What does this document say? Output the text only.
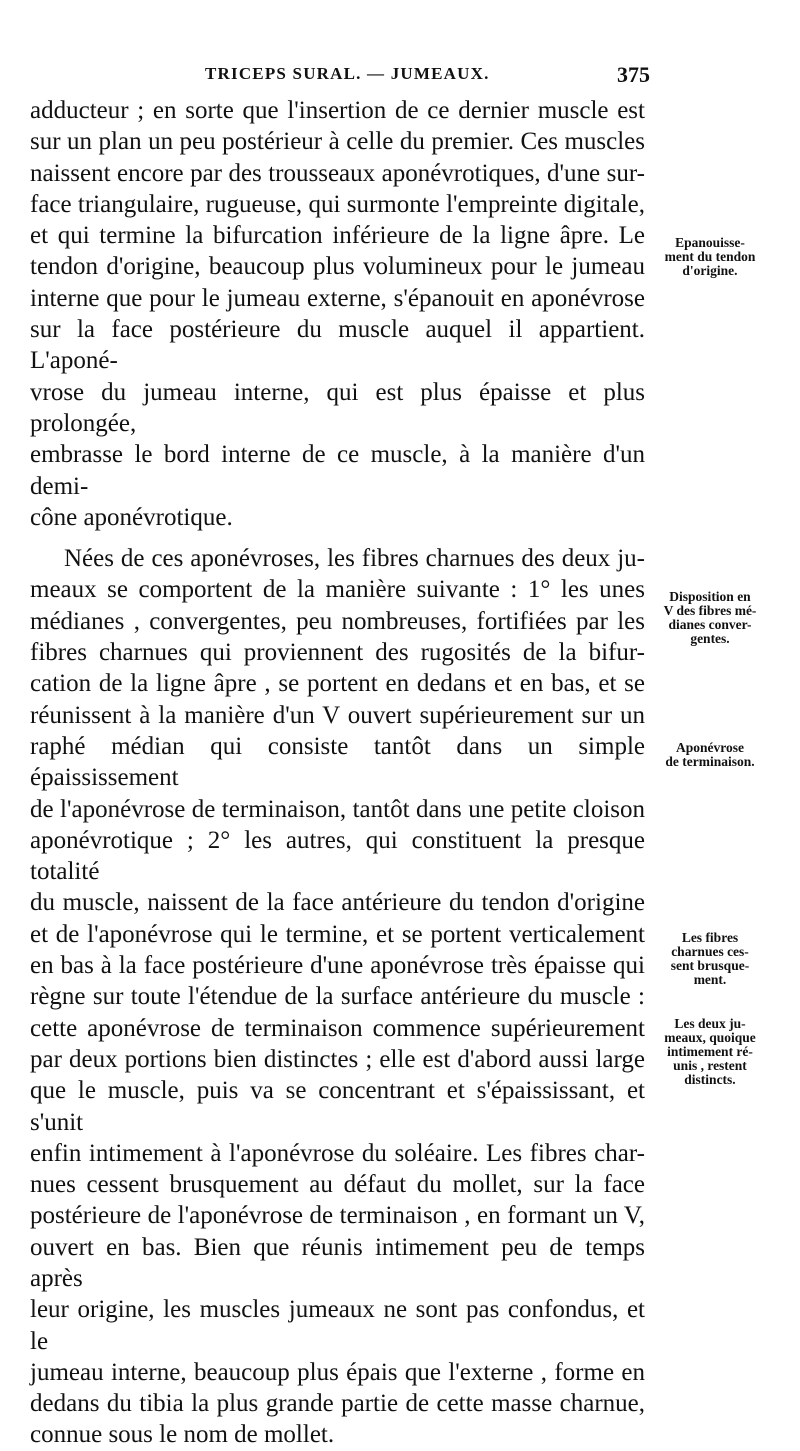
TRICEPS SURAL. — JUMEAUX.	375

adducteur ; en sorte que l'insertion de ce dernier muscle est
sur un plan un peu postérieur à celle du premier. Ces muscles
naissent encore par des trousseaux aponévrotiques, d'une sur-
face triangulaire, rugueuse, qui surmonte l'empreinte digitale,
et qui termine la bifurcation inférieure de la ligne âpre. Le
tendon d'origine, beaucoup plus volumineux pour le jumeau
interne que pour le jumeau externe, s'épanouit en aponévrose
sur la face postérieure du muscle auquel il appartient. L'aponé-
vrose du jumeau interne, qui est plus épaisse et plus prolongée,
embrasse le bord interne de ce muscle, à la manière d'un demi-
cône aponévrotique.

Nées de ces aponévroses, les fibres charnues des deux ju-
meaux se comportent de la manière suivante : 1° les unes
médianes , convergentes, peu nombreuses, fortifiées par les
fibres charnues qui proviennent des rugosités de la bifur-
cation de la ligne âpre , se portent en dedans et en bas, et se
réunissent à la manière d'un V ouvert supérieurement sur un
raphé médian qui consiste tantôt dans un simple épaississement
de l'aponévrose de terminaison, tantôt dans une petite cloison
aponévrotique ; 2° les autres, qui constituent la presque totalité
du muscle, naissent de la face antérieure du tendon d'origine
et de l'aponévrose qui le termine, et se portent verticalement
en bas à la face postérieure d'une aponévrose très épaisse qui
règne sur toute l'étendue de la surface antérieure du muscle :
cette aponévrose de terminaison commence supérieurement
par deux portions bien distinctes ; elle est d'abord aussi large
que le muscle, puis va se concentrant et s'épaississant, et s'unit
enfin intimement à l'aponévrose du soléaire. Les fibres char-
nues cessent brusquement au défaut du mollet, sur la face
postérieure de l'aponévrose de terminaison , en formant un V,
ouvert en bas. Bien que réunis intimement peu de temps après
leur origine, les muscles jumeaux ne sont pas confondus, et le
jumeau interne, beaucoup plus épais que l'externe , forme en
dedans du tibia la plus grande partie de cette masse charnue,
connue sous le nom de mollet.

Epanouisse-
ment du tendon
d'origine.
Disposition en
V des fibres mé-
dianes conver-
gentes.
Aponévrose
de terminaison.
Les fibres
charnues ces-
sent brusque-
ment.
Les deux ju-
meaux, quoique
intimement ré-
unis , restent
distincts.
